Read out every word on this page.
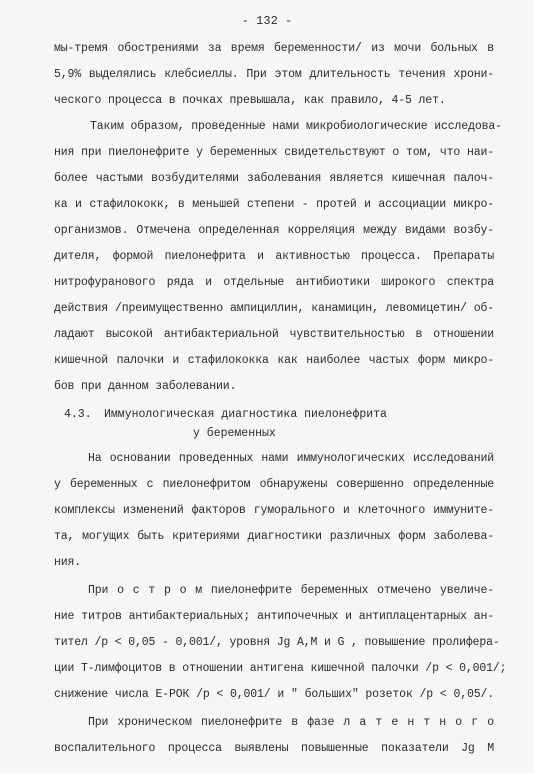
- 132 -
мы-тремя обострениями за время беременности/ из мочи больных в
5,9% выделялись клебсиеллы. При этом длительность течения хрони-
ческого процесса в почках превышала, как правило, 4-5 лет.
Таким образом, проведенные нами микробиологические исследова-
ния при пиелонефрите у беременных свидетельствуют о том, что наи-
более частыми возбудителями заболевания является кишечная палоч-
ка и стафилококк, в меньшей степени - протей и ассоциации микро-
организмов. Отмечена определенная корреляция между видами возбу-
дителя, формой пиелонефрита и активностью процесса. Препараты
нитрофуранового ряда и отдельные антибиотики широкого спектра
действия /преимущественно ампициллин, канамицин, левомицетин/ об-
ладают высокой антибактериальной чувствительностью в отношении
кишечной палочки и стафилококка как наиболее частых форм микро-
бов при данном заболевании.
4.3. Иммунологическая диагностика пиелонефрита
у беременных
На основании проведенных нами иммунологических исследований
у беременных с пиелонефритом обнаружены совершенно определенные
комплексы изменений факторов гуморального и клеточного иммуните-
та, могущих быть критериями диагностики различных форм заболева-
ния.
При о с т р о м пиелонефрите беременных отмечено увеличе-
ние титров антибактериальных; антипочечных и антиплацентарных ан-
тител /р < 0,05 - 0,001/, уровня Jg A,M и G , повышение пролифера-
ции Т-лимфоцитов в отношении антигена кишечной палочки /р < 0,001/;
снижение числа Е-РОК /р < 0,001/ и " больших" розеток /р < 0,05/.
При хроническом пиелонефрите в фазе л а т е н т н о г о
воспалительного процесса выявлены повышенные показатели Jg M
